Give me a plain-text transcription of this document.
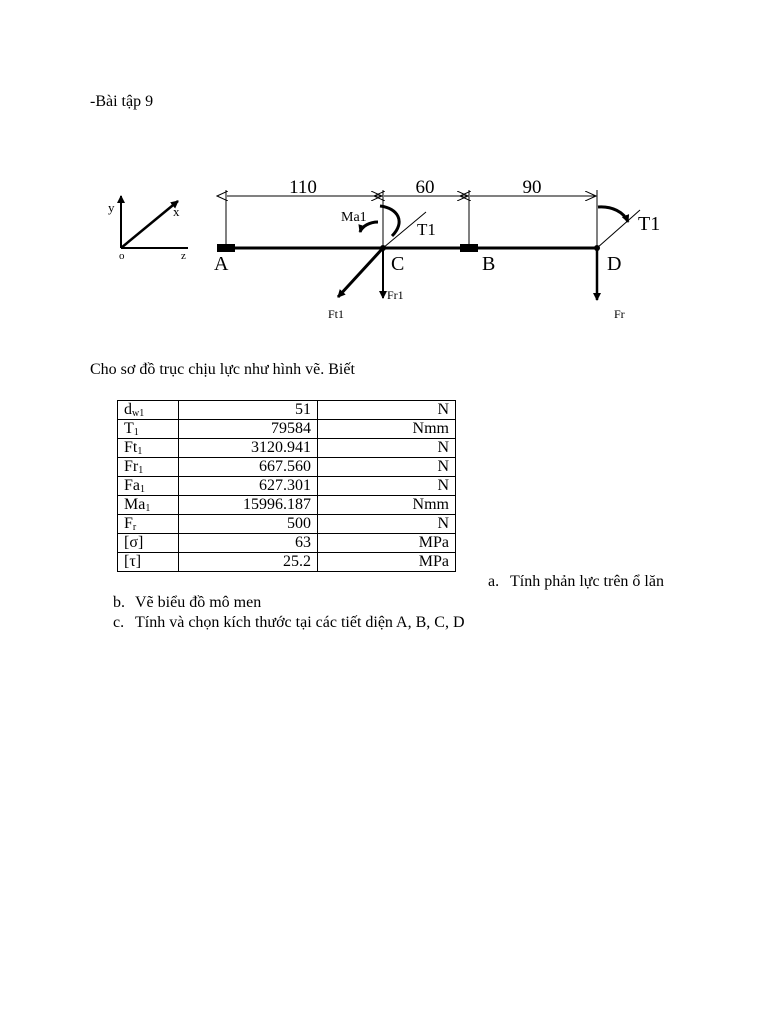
-Bài tập 9
y	x
o	z
110	60	90
A	C	B	D
Ma1
T1
Fr1
Ft1
T1
Fr
Cho sơ đồ trục chịu lực như hình vẽ. Biết
$d_{w1}$	51	N
$T_1$	79584	Nmm
$Ft_1$	3120.941	N
$Fr_1$	667.560	N
$Fa_1$	627.301	N
$Ma_1$	15996.187	Nmm
$F_r$	500	N
[σ]	63	MPa
[τ]	25.2	MPa
a. Tính phản lực trên ổ lăn
b. Vẽ biểu đồ mô men
c. Tính và chọn kích thước tại các tiết diện A, B, C, D
